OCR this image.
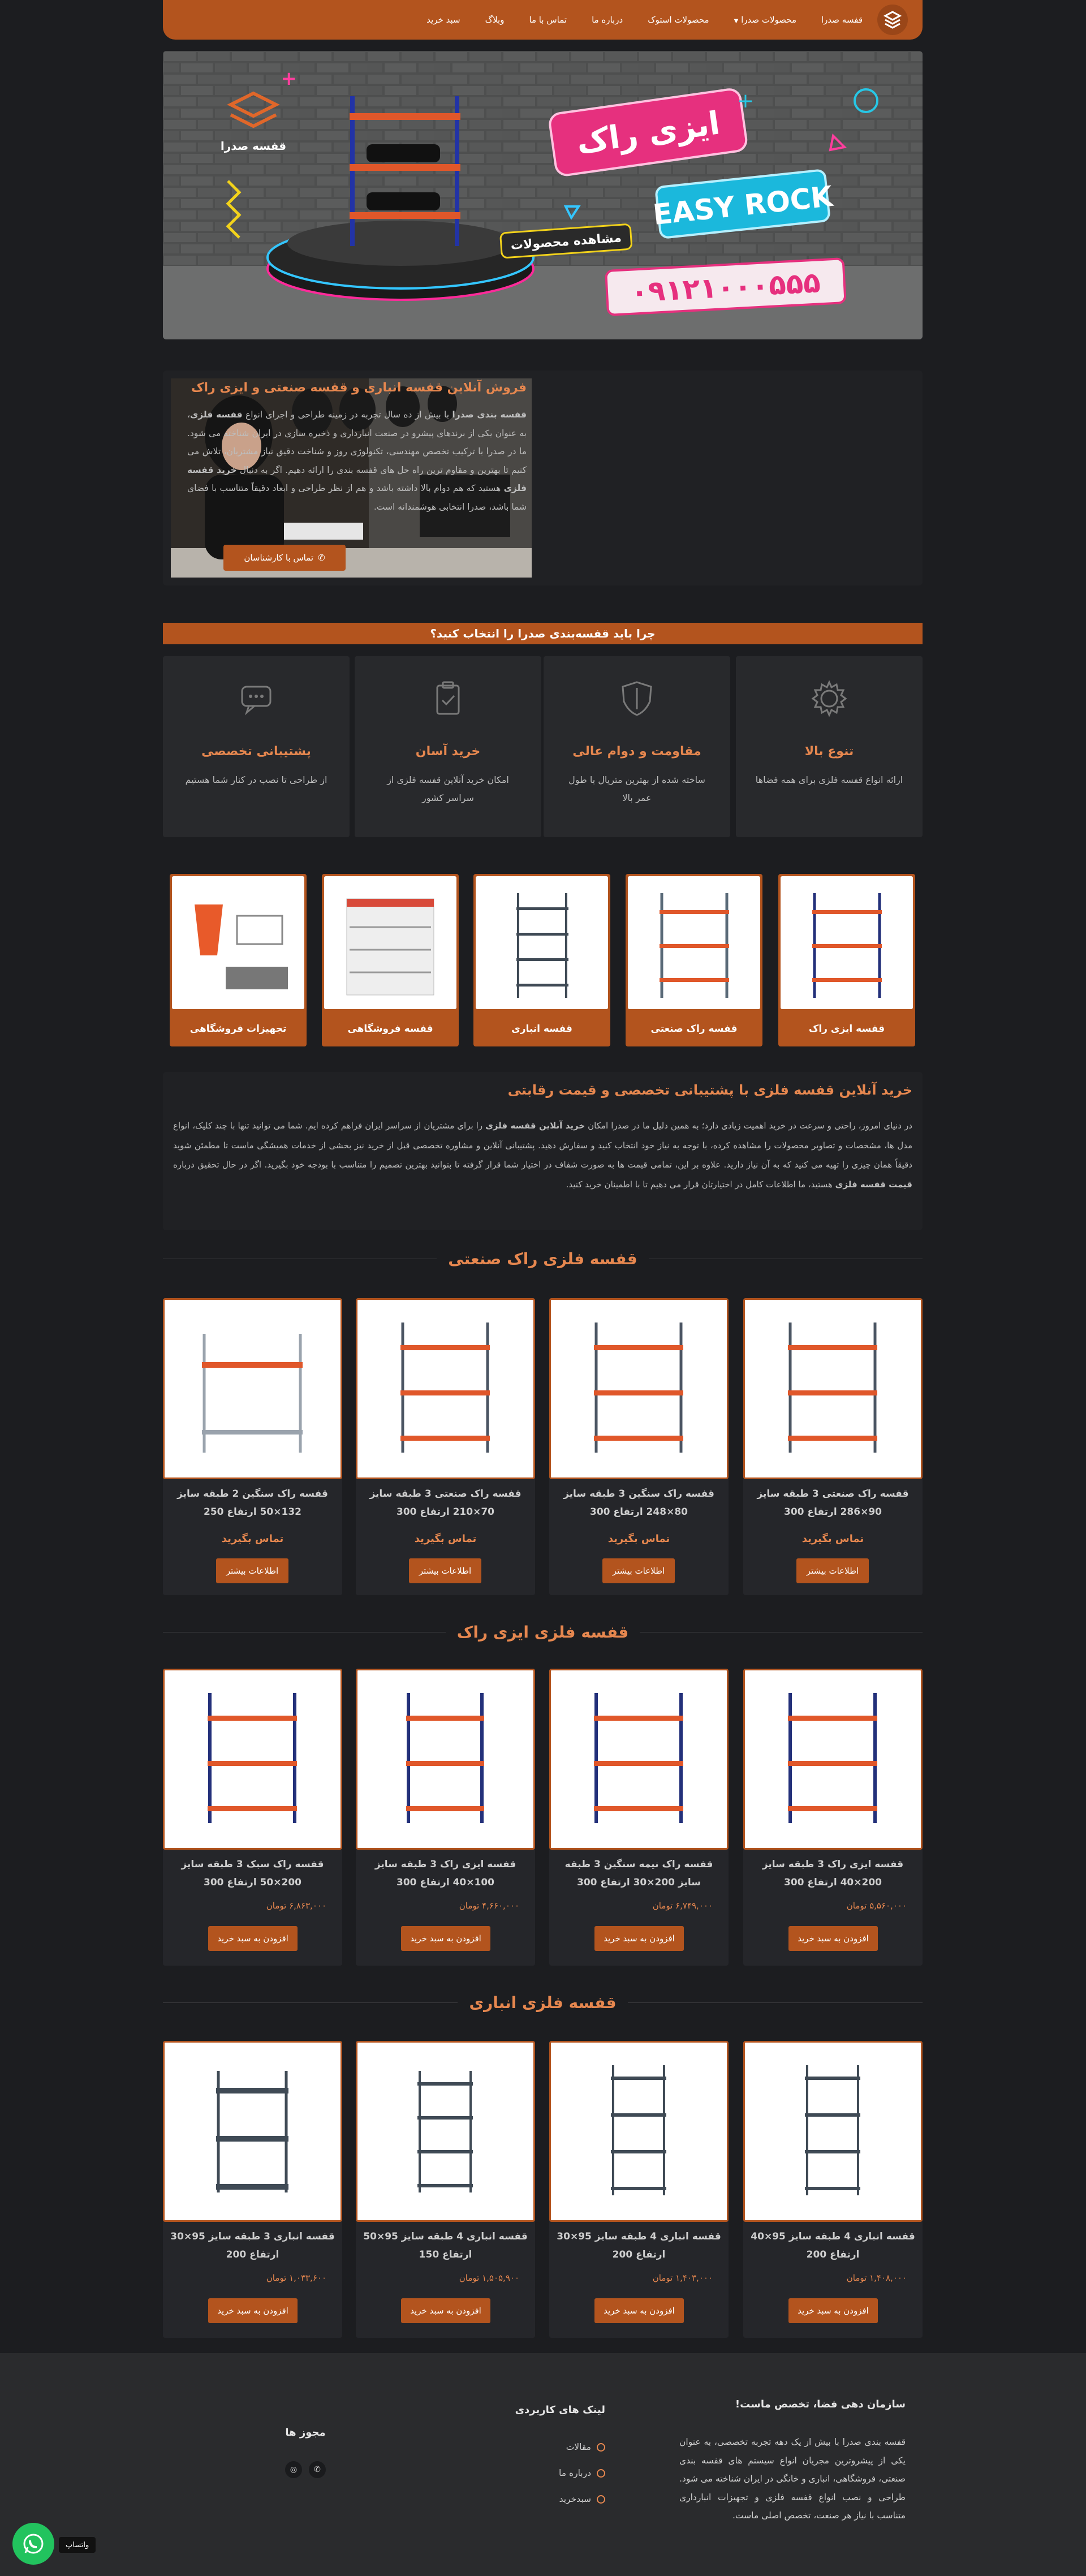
قفسه صدرا
محصولات صدرا ▼
محصولات استوک
درباره ما
تماس با ما
وبلاگ
سبد خرید
قفسه صدرا
+
ایزی راک
EASY ROCK
مشاهده محصولات
۰۹۱۲۱۰۰۰۵۵۵
+
فروش آنلاین قفسه انباری و قفسه صنعتی و ایزی راک
قفسه بندی صدرا با بیش از ده سال تجربه در زمینه طراحی و اجرای انواع قفسه فلزی، به عنوان یکی از برندهای پیشرو در صنعت انبارداری و ذخیره سازی در ایران شناخته می شود. ما در صدرا با ترکیب تخصص مهندسی، تکنولوژی روز و شناخت دقیق نیاز مشتریان، تلاش می کنیم تا بهترین و مقاوم ترین راه حل های قفسه بندی را ارائه دهیم. اگر به دنبال خرید قفسه فلزی هستید که هم دوام بالا داشته باشد و هم از نظر طراحی و ابعاد دقیقاً متناسب با فضای شما باشد، صدرا انتخابی هوشمندانه است.
✆
تماس با کارشناسان
چرا باید قفسه‌بندی صدرا را انتخاب کنید؟
تنوع بالا

ارائه انواع قفسه فلزی برای همه فضاها

مقاومت و دوام عالی

ساخته شده از بهترین متریال با طول عمر بالا

خرید آسان

امکان خرید آنلاین قفسه فلزی از سراسر کشور

پشتیبانی تخصصی

از طراحی تا نصب در کنار شما هستیم

قفسه ایزی راک
قفسه راک صنعتی
قفسه انباری
قفسه فروشگاهی
تجهیزات فروشگاهی
خرید آنلاین قفسه فلزی با پشتیبانی تخصصی و قیمت رقابتی

در دنیای امروز، راحتی و سرعت در خرید اهمیت زیادی دارد؛ به همین دلیل ما در صدرا امکان خرید آنلاین قفسه فلزی را برای مشتریان از سراسر ایران فراهم کرده ایم. شما می توانید تنها با چند کلیک، انواع مدل ها، مشخصات و تصاویر محصولات را مشاهده کرده، با توجه به نیاز خود انتخاب کنید و سفارش دهید. پشتیبانی آنلاین و مشاوره تخصصی قبل از خرید نیز بخشی از خدمات همیشگی ماست تا مطمئن شوید دقیقاً همان چیزی را تهیه می کنید که به آن نیاز دارید. علاوه بر این، تمامی قیمت ها به صورت شفاف در اختیار شما قرار گرفته تا بتوانید بهترین تصمیم را متناسب با بودجه خود بگیرید. اگر در حال تحقیق درباره قیمت قفسه فلزی هستید، ما اطلاعات کامل در اختیارتان قرار می دهیم تا با اطمینان خرید کنید.

قفسه فلزی راک صنعتی
قفسه راک صنعتی 3 طبقه سایز 90×286 ارتفاع 300
تماس بگیرید
اطلاعات بیشتر
قفسه راک سنگین 3 طبقه سایز 80×248 ارتفاع 300
تماس بگیرید
اطلاعات بیشتر
قفسه راک صنعتی 3 طبقه سایز 70×210 ارتفاع 300
تماس بگیرید
اطلاعات بیشتر
قفسه راک سنگین 2 طبقه سایز 132×50 ارتفاع 250
تماس بگیرید
اطلاعات بیشتر
قفسه فلزی ایزی راک
قفسه ایزی راک 3 طبقه سایز 200×40 ارتفاع 300
۵,۵۶۰,۰۰۰ تومان
افزودن به سبد خرید
قفسه راک نیمه سنگین 3 طبقه سایز 200×30 ارتفاع 300
۶,۷۴۹,۰۰۰ تومان
افزودن به سبد خرید
قفسه ایزی راک 3 طبقه سایز 100×40 ارتفاع 300
۴,۶۶۰,۰۰۰ تومان
افزودن به سبد خرید
قفسه راک سبک 3 طبقه سایز 200×50 ارتفاع 300
۶,۸۶۳,۰۰۰ تومان
افزودن به سبد خرید
قفسه فلزی انباری
قفسه انباری 4 طبقه سایز 95×40 ارتفاع 200
۱,۴۰۸,۰۰۰ تومان
افزودن به سبد خرید
قفسه انباری 4 طبقه سایز 95×30 ارتفاع 200
۱,۴۰۳,۰۰۰ تومان
افزودن به سبد خرید
قفسه انباری 4 طبقه سایز 95×50 ارتفاع 150
۱,۵۰۵,۹۰۰ تومان
افزودن به سبد خرید
قفسه انباری 3 طبقه سایز 95×30 ارتفاع 200
۱,۰۳۳,۶۰۰ تومان
افزودن به سبد خرید
سازمان دهی فضا، تخصص ماست!

قفسه بندی صدرا با بیش از یک دهه تجربه تخصصی، به عنوان یکی از پیشروترین مجریان انواع سیستم های قفسه بندی صنعتی، فروشگاهی، انباری و خانگی در ایران شناخته می شود. طراحی و نصب انواع قفسه فلزی و تجهیزات انبارداری متناسب با نیاز هر صنعت، تخصص اصلی ماست.

لینک های کاربردی
مقالات
درباره ما
سبدخرید
مجوز ها
✆
◎
واتساپ
